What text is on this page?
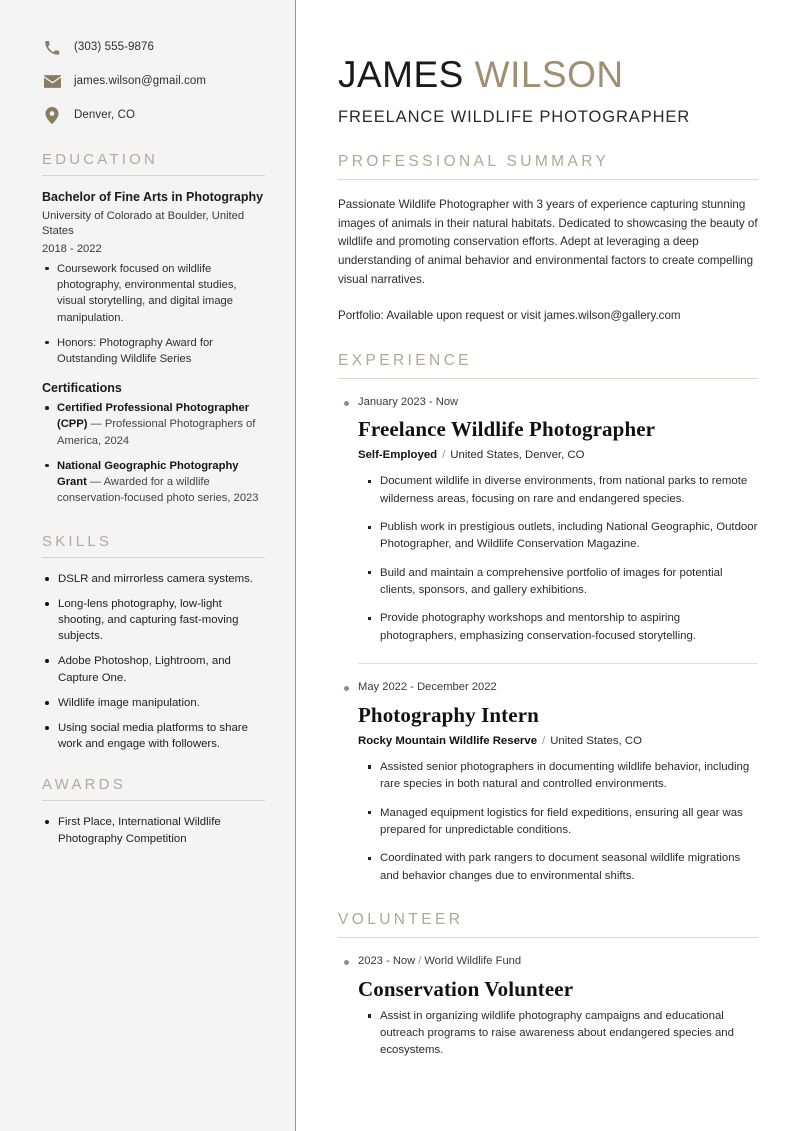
(303) 555-9876
james.wilson@gmail.com
Denver, CO
EDUCATION
Bachelor of Fine Arts in Photography
University of Colorado at Boulder, United States
2018 - 2022
Coursework focused on wildlife photography, environmental studies, visual storytelling, and digital image manipulation.
Honors: Photography Award for Outstanding Wildlife Series
Certifications
Certified Professional Photographer (CPP) — Professional Photographers of America, 2024
National Geographic Photography Grant — Awarded for a wildlife conservation-focused photo series, 2023
SKILLS
DSLR and mirrorless camera systems.
Long-lens photography, low-light shooting, and capturing fast-moving subjects.
Adobe Photoshop, Lightroom, and Capture One.
Wildlife image manipulation.
Using social media platforms to share work and engage with followers.
AWARDS
First Place, International Wildlife Photography Competition
JAMES WILSON
FREELANCE WILDLIFE PHOTOGRAPHER
PROFESSIONAL SUMMARY

Passionate Wildlife Photographer with 3 years of experience capturing stunning images of animals in their natural habitats. Dedicated to showcasing the beauty of wildlife and promoting conservation efforts. Adept at leveraging a deep understanding of animal behavior and environmental factors to create compelling visual narratives.

Portfolio: Available upon request or visit james.wilson@gallery.com

EXPERIENCE
January 2023 - Now
Freelance Wildlife Photographer
Self-Employed / United States, Denver, CO
Document wildlife in diverse environments, from national parks to remote wilderness areas, focusing on rare and endangered species.
Publish work in prestigious outlets, including National Geographic, Outdoor Photographer, and Wildlife Conservation Magazine.
Build and maintain a comprehensive portfolio of images for potential clients, sponsors, and gallery exhibitions.
Provide photography workshops and mentorship to aspiring photographers, emphasizing conservation-focused storytelling.
May 2022 - December 2022
Photography Intern
Rocky Mountain Wildlife Reserve / United States, CO
Assisted senior photographers in documenting wildlife behavior, including rare species in both natural and controlled environments.
Managed equipment logistics for field expeditions, ensuring all gear was prepared for unpredictable conditions.
Coordinated with park rangers to document seasonal wildlife migrations and behavior changes due to environmental shifts.
VOLUNTEER
2023 - Now / World Wildlife Fund
Conservation Volunteer
Assist in organizing wildlife photography campaigns and educational outreach programs to raise awareness about endangered species and ecosystems.
